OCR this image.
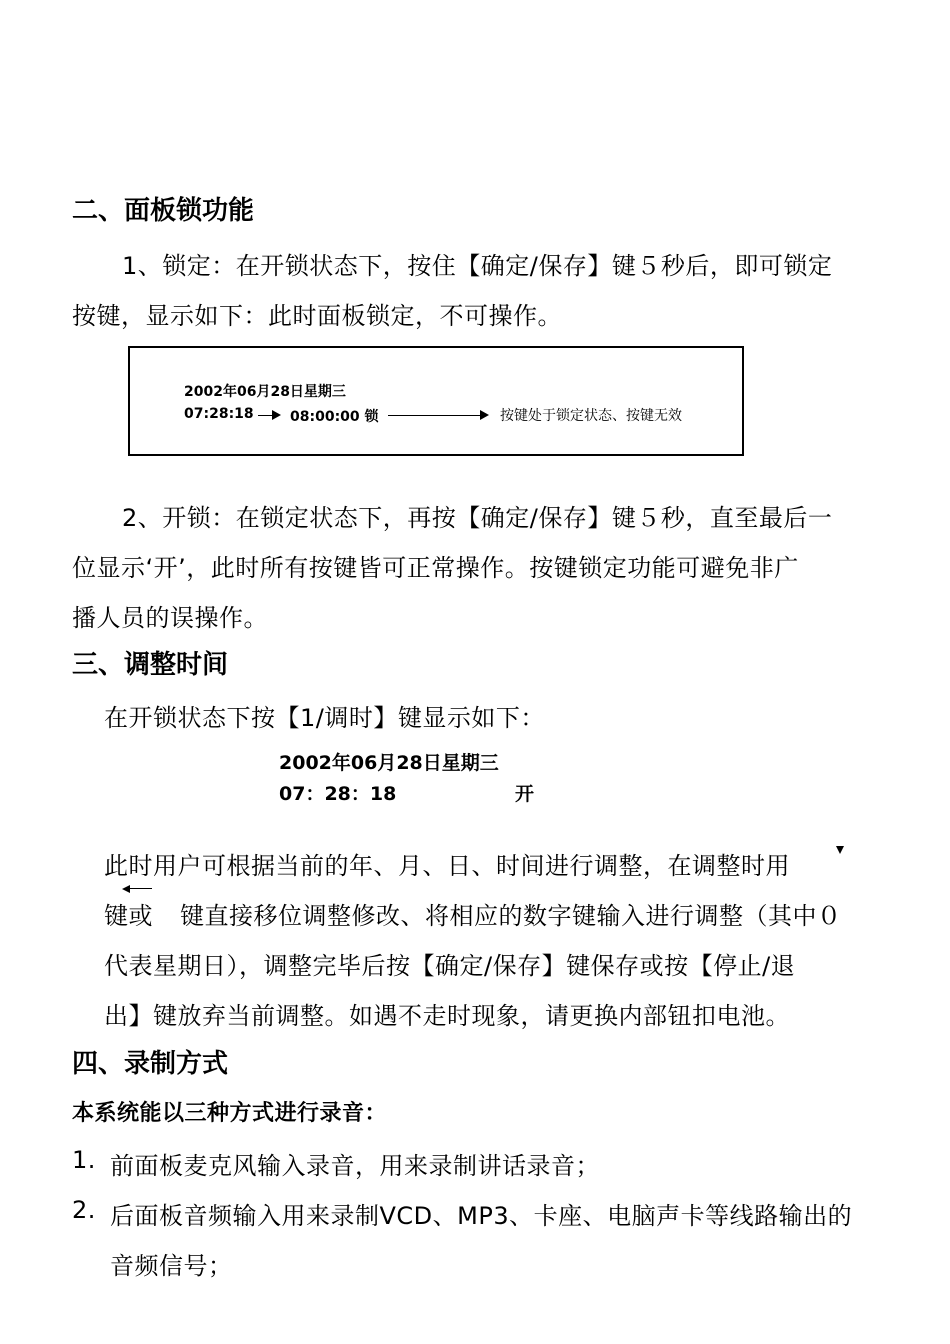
二、面板锁功能
1、锁定：在开锁状态下，按住【确定/保存】键５秒后，即可锁定
按键，显示如下：此时面板锁定，不可操作。
2002年06月28日星期三
07:28:18	08:00:00 锁	按键处于锁定状态、按键无效
2、开锁：在锁定状态下，再按【确定/保存】键５秒，直至最后一
位显示‘开’，此时所有按键皆可正常操作。按键锁定功能可避免非广
播人员的误操作。
三、调整时间
在开锁状态下按【1/调时】键显示如下：
2002年06月28日星期三
07：28：18	开
此时用户可根据当前的年、月、日、时间进行调整，在调整时用
键或 键直接移位调整修改、将相应的数字键输入进行调整（其中０
代表星期日），调整完毕后按【确定/保存】键保存或按【停止/退
出】键放弃当前调整。如遇不走时现象，请更换内部钮扣电池。
四、录制方式
本系统能以三种方式进行录音：
1. 前面板麦克风输入录音，用来录制讲话录音；
2. 后面板音频输入用来录制VCD、MP3、卡座、电脑声卡等线路输出的
音频信号；
